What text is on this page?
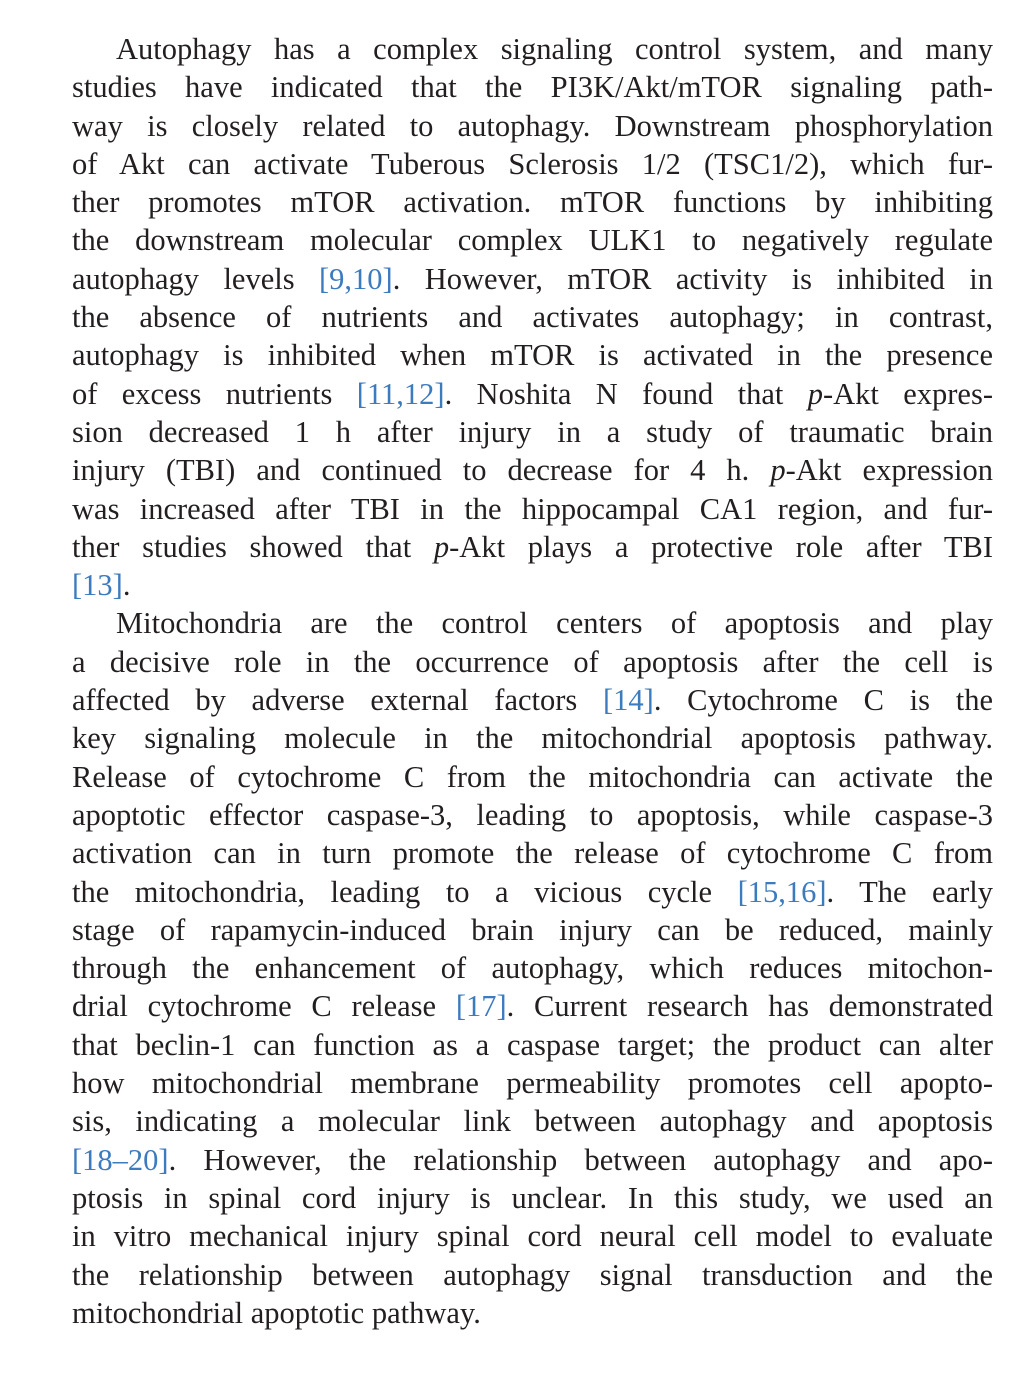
Autophagy has a complex signaling control system, and many
studies have indicated that the PI3K/Akt/mTOR signaling path-
way is closely related to autophagy. Downstream phosphorylation
of Akt can activate Tuberous Sclerosis 1/2 (TSC1/2), which fur-
ther promotes mTOR activation. mTOR functions by inhibiting
the downstream molecular complex ULK1 to negatively regulate
autophagy levels [9,10]. However, mTOR activity is inhibited in
the absence of nutrients and activates autophagy; in contrast,
autophagy is inhibited when mTOR is activated in the presence
of excess nutrients [11,12]. Noshita N found that p-Akt expres-
sion decreased 1 h after injury in a study of traumatic brain
injury (TBI) and continued to decrease for 4 h. p-Akt expression
was increased after TBI in the hippocampal CA1 region, and fur-
ther studies showed that p-Akt plays a protective role after TBI
[13].
Mitochondria are the control centers of apoptosis and play
a decisive role in the occurrence of apoptosis after the cell is
affected by adverse external factors [14]. Cytochrome C is the
key signaling molecule in the mitochondrial apoptosis pathway.
Release of cytochrome C from the mitochondria can activate the
apoptotic effector caspase-3, leading to apoptosis, while caspase-3
activation can in turn promote the release of cytochrome C from
the mitochondria, leading to a vicious cycle [15,16]. The early
stage of rapamycin-induced brain injury can be reduced, mainly
through the enhancement of autophagy, which reduces mitochon-
drial cytochrome C release [17]. Current research has demonstrated
that beclin-1 can function as a caspase target; the product can alter
how mitochondrial membrane permeability promotes cell apopto-
sis, indicating a molecular link between autophagy and apoptosis
[18–20]. However, the relationship between autophagy and apo-
ptosis in spinal cord injury is unclear. In this study, we used an
in vitro mechanical injury spinal cord neural cell model to evaluate
the relationship between autophagy signal transduction and the
mitochondrial apoptotic pathway.
